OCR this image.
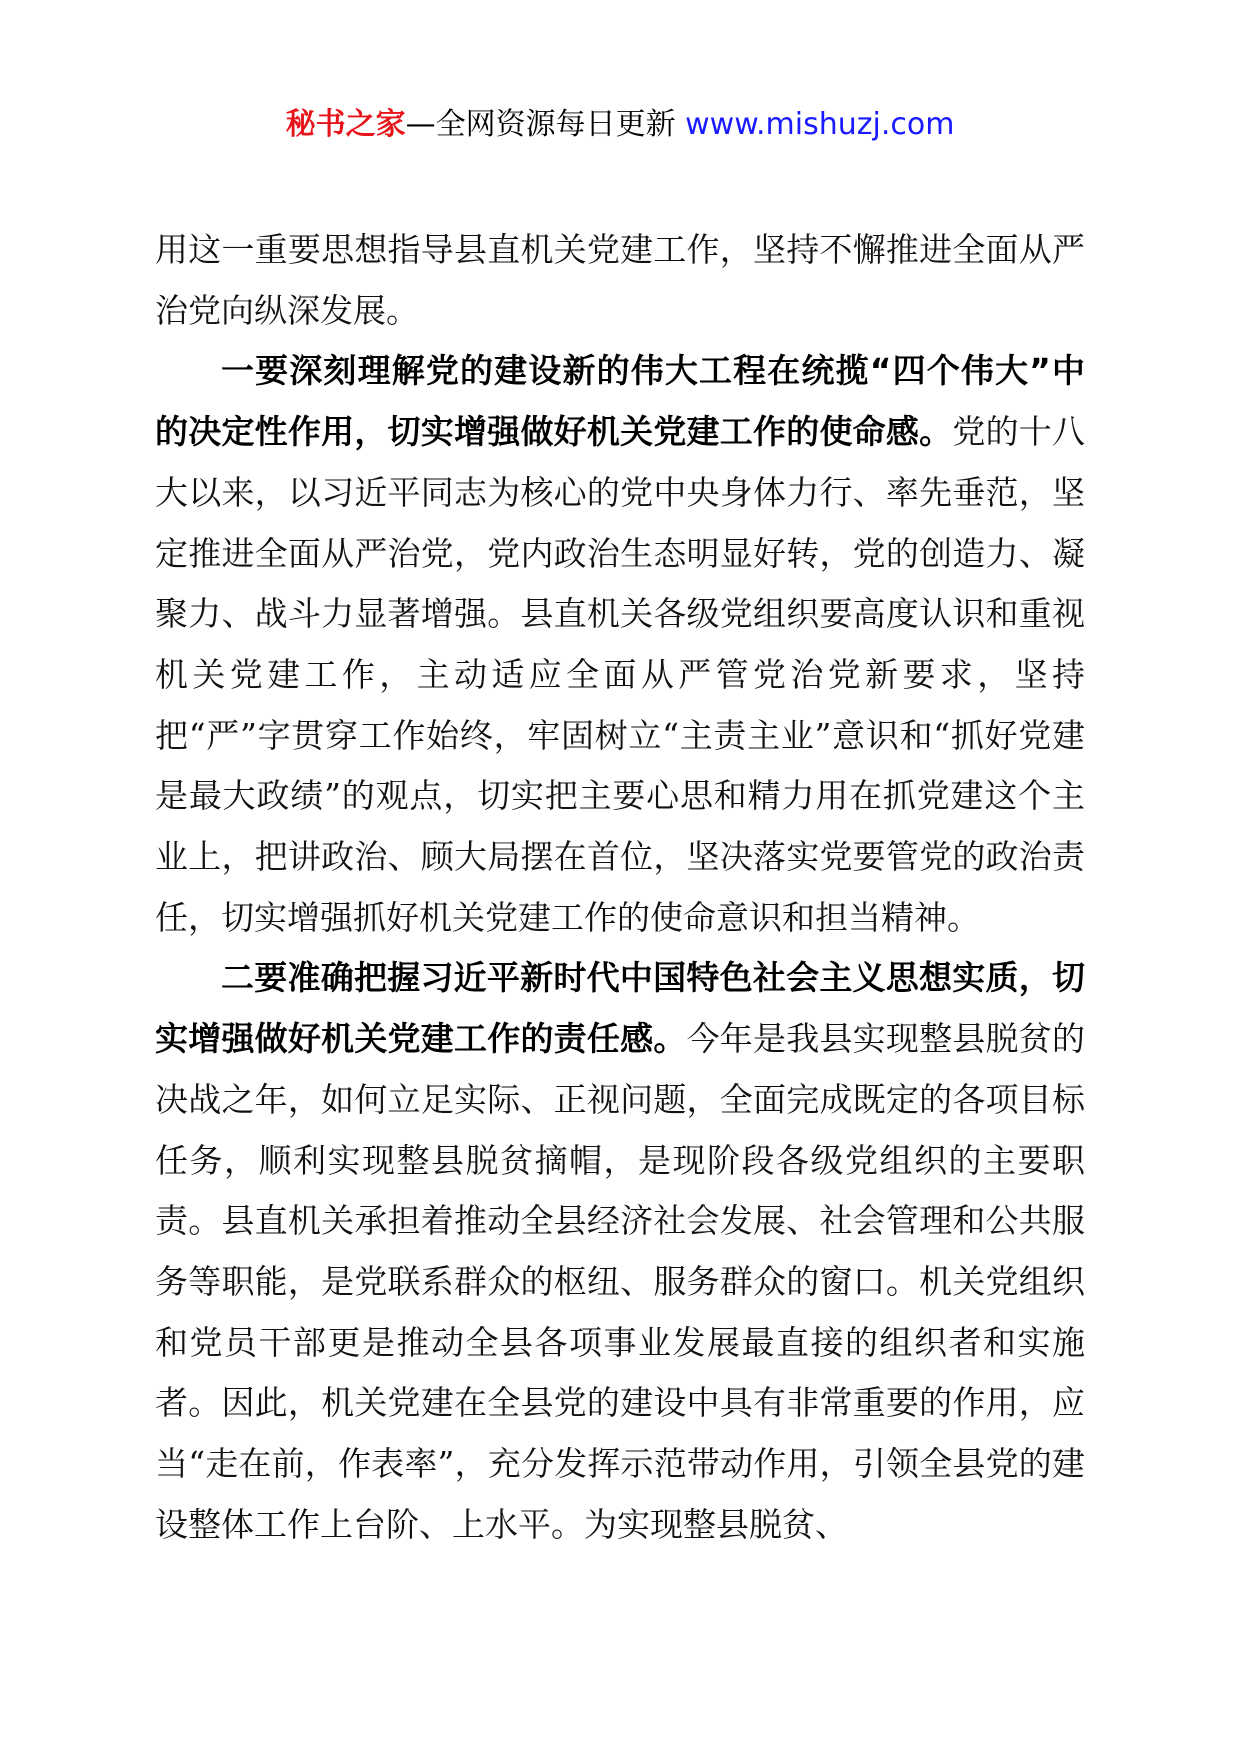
秘书之家—全网资源每日更新 www.mishuzj.com

用这一重要思想指导县直机关党建工作，坚持不懈推进全面从严治党向纵深发展。

一要深刻理解党的建设新的伟大工程在统揽“四个伟大”中的决定性作用，切实增强做好机关党建工作的使命感。党的十八大以来，以习近平同志为核心的党中央身体力行、率先垂范，坚定推进全面从严治党，党内政治生态明显好转，党的创造力、凝聚力、战斗力显著增强。县直机关各级党组织要高度认识和重视机关党建工作，主动适应全面从严管党治党新要求，坚持把“严”字贯穿工作始终，牢固树立“主责主业”意识和“抓好党建是最大政绩”的观点，切实把主要心思和精力用在抓党建这个主业上，把讲政治、顾大局摆在首位，坚决落实党要管党的政治责任，切实增强抓好机关党建工作的使命意识和担当精神。

二要准确把握习近平新时代中国特色社会主义思想实质，切实增强做好机关党建工作的责任感。今年是我县实现整县脱贫的决战之年，如何立足实际、正视问题，全面完成既定的各项目标任务，顺利实现整县脱贫摘帽，是现阶段各级党组织的主要职责。县直机关承担着推动全县经济社会发展、社会管理和公共服务等职能，是党联系群众的枢纽、服务群众的窗口。机关党组织和党员干部更是推动全县各项事业发展最直接的组织者和实施者。因此，机关党建在全县党的建设中具有非常重要的作用，应当“走在前，作表率”，充分发挥示范带动作用，引领全县党的建设整体工作上台阶、上水平。为实现整县脱贫、
